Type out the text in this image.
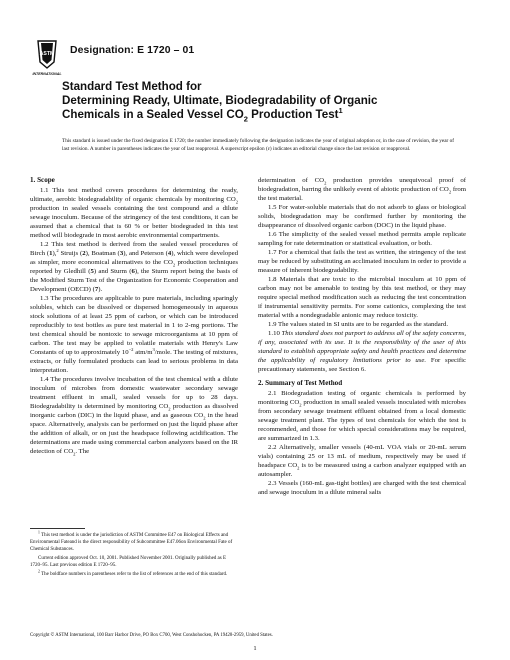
ASTM
INTERNATIONAL
Designation: E 1720 – 01
Standard Test Method for
Determining Ready, Ultimate, Biodegradability of Organic
Chemicals in a Sealed Vessel $CO_2$ Production Test$^1$
This standard is issued under the fixed designation E 1720; the number immediately following the designation indicates the year of original adoption or, in the case of revision, the year of last revision. A number in parentheses indicates the year of last reapproval. A superscript epsilon (ε) indicates an editorial change since the last revision or reapproval.
1. Scope

1.1 This test method covers procedures for determining the ready, ultimate, aerobic biodegradability of organic chemicals by monitoring $CO_2$ production in sealed vessels containing the test compound and a dilute sewage inoculum. Because of the stringency of the test conditions, it can be assumed that a chemical that is 60 % or better biodegraded in this test method will biodegrade in most aerobic environmental compartments.

1.2 This test method is derived from the sealed vessel procedures of Birch (1),$^2$ Struijs (2), Boatman (3), and Peterson (4), which were developed as simpler, more economical alternatives to the $CO_2$ production techniques reported by Gledhill (5) and Sturm (6), the Sturm report being the basis of the Modified Sturm Test of the Organization for Economic Cooperation and Development (OECD) (7).

1.3 The procedures are applicable to pure materials, including sparingly solubles, which can be dissolved or dispersed homogeneously in aqueous stock solutions of at least 25 ppm of carbon, or which can be introduced reproducibly to test bottles as pure test material in 1 to 2-mg portions. The test chemical should be nontoxic to sewage microorganisms at 10 ppm of carbon. The test may be applied to volatile materials with Henry's Law Constants of up to approximately $10^{-2}$ atm/$m^3$/mole. The testing of mixtures, extracts, or fully formulated products can lead to serious problems in data interpretation.

1.4 The procedures involve incubation of the test chemical with a dilute inoculum of microbes from domestic wastewater secondary sewage treatment effluent in small, sealed vessels for up to 28 days. Biodegradability is determined by monitoring $CO_2$ production as dissolved inorganic carbon (DIC) in the liquid phase, and as gaseous $CO_2$ in the head space. Alternatively, analysis can be performed on just the liquid phase after the addition of alkali, or on just the headspace following acidification. The determinations are made using commercial carbon analyzers based on the IR detection of $CO_2$. The

determination of $CO_2$ production provides unequivocal proof of biodegradation, barring the unlikely event of abiotic production of $CO_2$ from the test material.

1.5 For water-soluble materials that do not adsorb to glass or biological solids, biodegradation may be confirmed further by monitoring the disappearance of dissolved organic carbon (DOC) in the liquid phase.

1.6 The simplicity of the sealed vessel method permits ample replicate sampling for rate determination or statistical evaluation, or both.

1.7 For a chemical that fails the test as written, the stringency of the test may be reduced by substituting an acclimated inoculum in order to provide a measure of inherent biodegradability.

1.8 Materials that are toxic to the microbial inoculum at 10 ppm of carbon may not be amenable to testing by this test method, or they may require special method modification such as reducing the test concentration if instrumental sensitivity permits. For some cationics, complexing the test material with a nondegradable anionic may reduce toxicity.

1.9 The values stated in SI units are to be regarded as the standard.

1.10 This standard does not purport to address all of the safety concerns, if any, associated with its use. It is the responsibility of the user of this standard to establish appropriate safety and health practices and determine the applicability of regulatory limitations prior to use. For specific precautionary statements, see Section 6.

2. Summary of Test Method

2.1 Biodegradation testing of organic chemicals is performed by monitoring $CO_2$ production in small sealed vessels inoculated with microbes from secondary sewage treatment effluent obtained from a local domestic sewage treatment plant. The types of test chemicals for which the test is recommended, and those for which special considerations may be required, are summarized in 1.3.

2.2 Alternatively, smaller vessels (40-mL VOA vials or 20-mL serum vials) containing 25 or 13 mL of medium, respectively may be used if headspace $CO_2$ is to be measured using a carbon analyzer equipped with an autosampler.

2.3 Vessels (160-mL gas-tight bottles) are charged with the test chemical and sewage inoculum in a dilute mineral salts

$^1$ This test method is under the jurisdiction of ASTM Committee E47 on Biological Effects and Environmental Fateand is the direct responsibility of Subcommittee E47.06on Environmental Fate of Chemical Substances.

Current edition approved Oct. 10, 2001. Published November 2001. Originally published as E 1720–95. Last previous edition E 1720–95.

$^2$ The boldface numbers in parentheses refer to the list of references at the end of this standard.

Copyright © ASTM International, 100 Barr Harbor Drive, PO Box C700, West Conshohocken, PA 19428-2959, United States.
1
